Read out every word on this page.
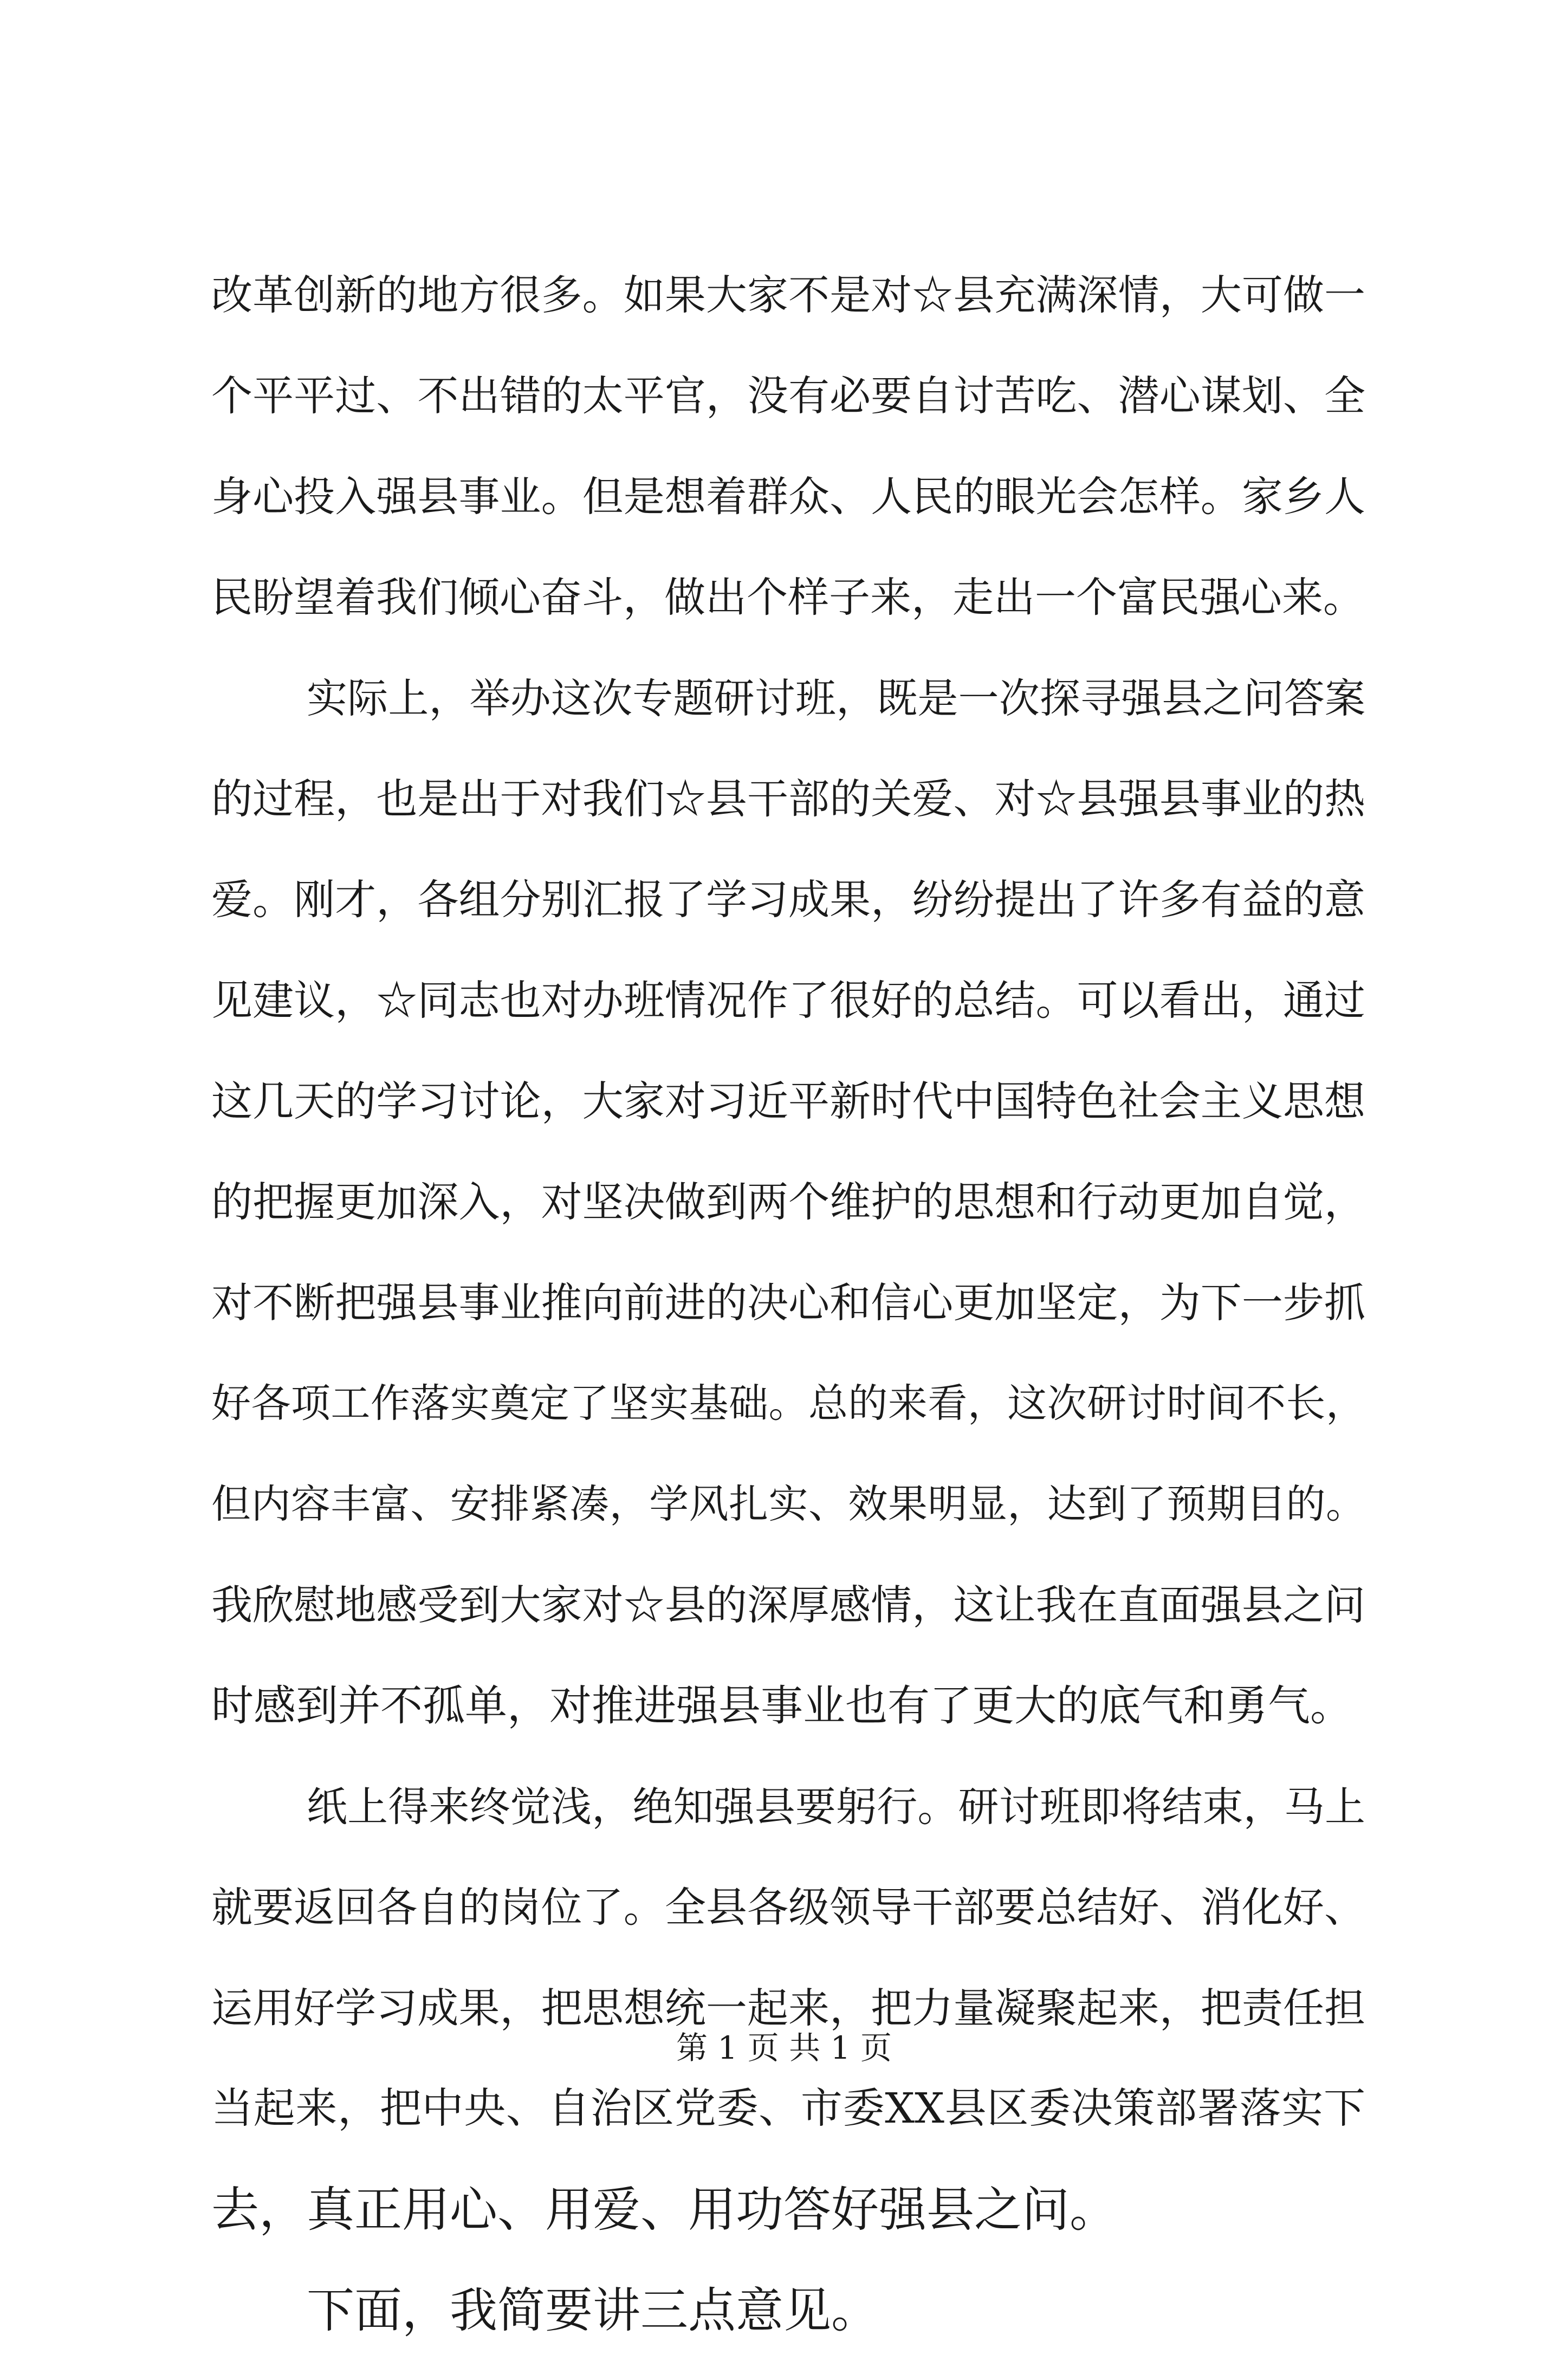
改革创新的地方很多。如果大家不是对☆县充满深情，大可做一
个平平过、不出错的太平官，没有必要自讨苦吃、潜心谋划、全
身心投入强县事业。但是想着群众、人民的眼光会怎样。家乡人
民盼望着我们倾心奋斗，做出个样子来，走出一个富民强心来。
实际上，举办这次专题研讨班，既是一次探寻强县之问答案
的过程，也是出于对我们☆县干部的关爱、对☆县强县事业的热
爱。刚才，各组分别汇报了学习成果，纷纷提出了许多有益的意
见建议，☆同志也对办班情况作了很好的总结。可以看出，通过
这几天的学习讨论，大家对习近平新时代中国特色社会主义思想
的把握更加深入，对坚决做到两个维护的思想和行动更加自觉，
对不断把强县事业推向前进的决心和信心更加坚定，为下一步抓
好各项工作落实奠定了坚实基础。总的来看，这次研讨时间不长，
但内容丰富、安排紧凑，学风扎实、效果明显，达到了预期目的。
我欣慰地感受到大家对☆县的深厚感情，这让我在直面强县之问
时感到并不孤单，对推进强县事业也有了更大的底气和勇气。
纸上得来终觉浅，绝知强县要躬行。研讨班即将结束，马上
就要返回各自的岗位了。全县各级领导干部要总结好、消化好、
运用好学习成果，把思想统一起来，把力量凝聚起来，把责任担
当起来，把中央、自治区党委、市委XX县区委决策部署落实下
去，真正用心、用爱、用功答好强县之问。
下面，我简要讲三点意见。
第 1 页 共 1 页
